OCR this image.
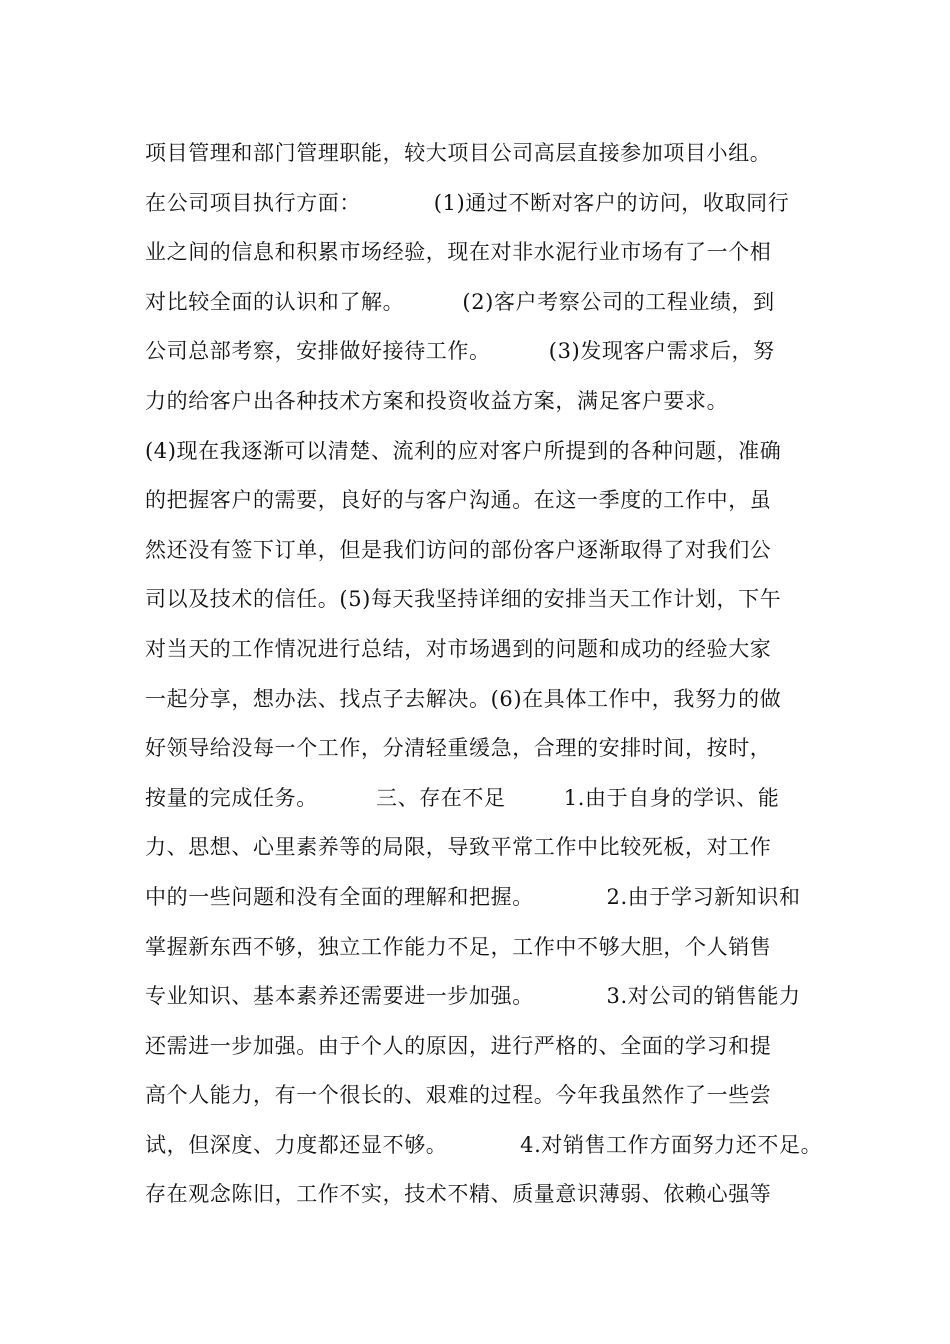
项目管理和部门管理职能，较大项目公司高层直接参加项目小组。
在公司项目执行方面：          (1)通过不断对客户的访问，收取同行
业之间的信息和积累市场经验，现在对非水泥行业市场有了一个相
对比较全面的认识和了解。        (2)客户考察公司的工程业绩，到
公司总部考察，安排做好接待工作。        (3)发现客户需求后，努
力的给客户出各种技术方案和投资收益方案，满足客户要求。
(4)现在我逐渐可以清楚、流利的应对客户所提到的各种问题，准确
的把握客户的需要，良好的与客户沟通。在这一季度的工作中，虽
然还没有签下订单，但是我们访问的部份客户逐渐取得了对我们公
司以及技术的信任。(5)每天我坚持详细的安排当天工作计划，下午
对当天的工作情况进行总结，对市场遇到的问题和成功的经验大家
一起分享，想办法、找点子去解决。(6)在具体工作中，我努力的做
好领导给没每一个工作，分清轻重缓急，合理的安排时间，按时，
按量的完成任务。        三、存在不足        1.由于自身的学识、能
力、思想、心里素养等的局限，导致平常工作中比较死板，对工作
中的一些问题和没有全面的理解和把握。          2.由于学习新知识和
掌握新东西不够，独立工作能力不足，工作中不够大胆，个人销售
专业知识、基本素养还需要进一步加强。          3.对公司的销售能力
还需进一步加强。由于个人的原因，进行严格的、全面的学习和提
高个人能力，有一个很长的、艰难的过程。今年我虽然作了一些尝
试，但深度、力度都还显不够。          4.对销售工作方面努力还不足。
存在观念陈旧，工作不实，技术不精、质量意识薄弱、依赖心强等
